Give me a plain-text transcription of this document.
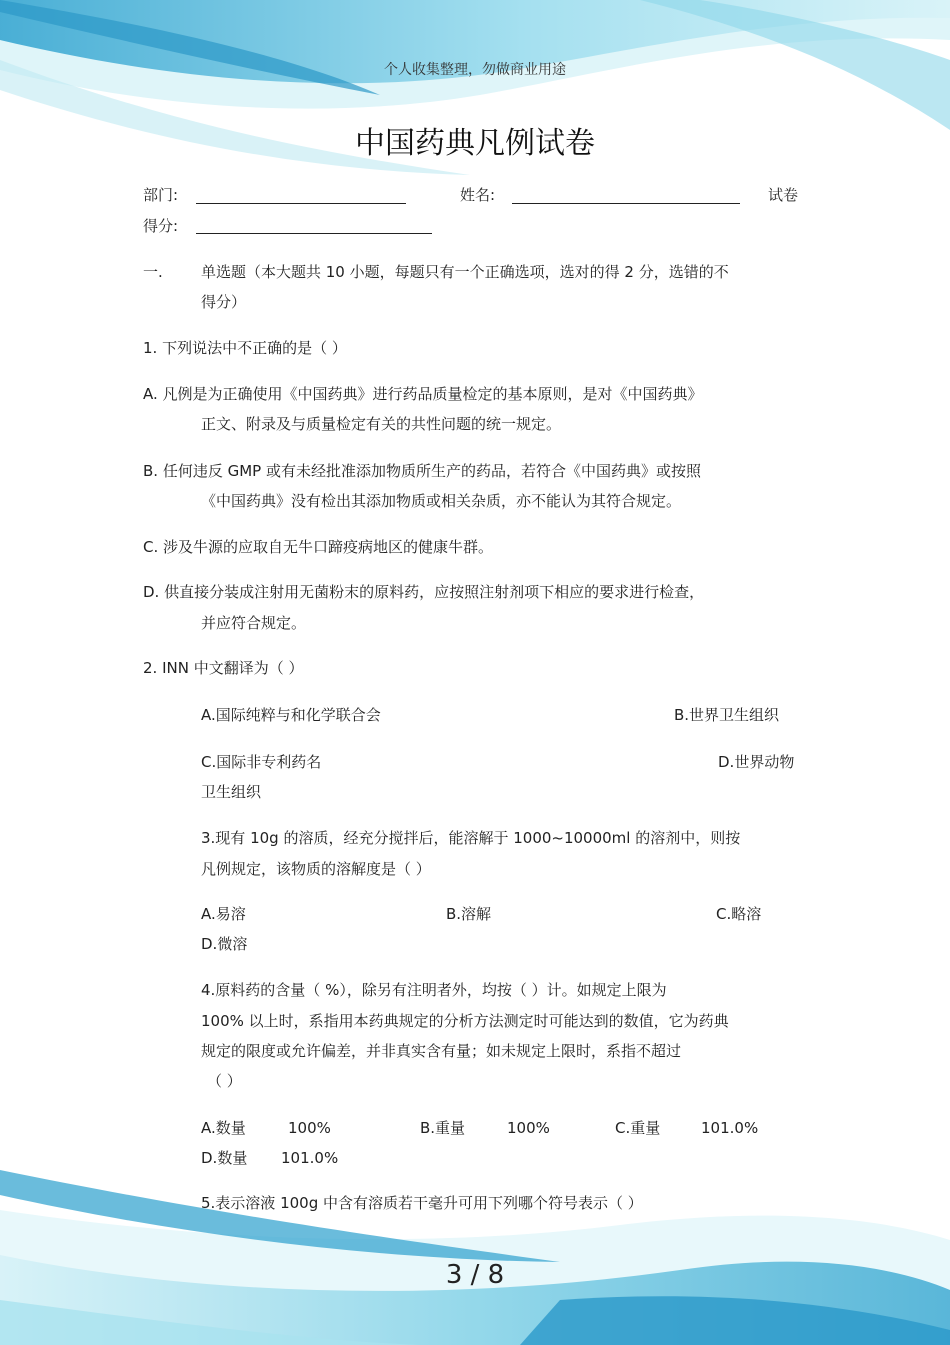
个人收集整理，勿做商业用途
中国药典凡例试卷
部门:	姓名:	试卷
得分:
一.	单选题（本大题共 10 小题，每题只有一个正确选项，选对的得 2 分，选错的不
得分）
1. 下列说法中不正确的是（ ）
A. 凡例是为正确使用《中国药典》进行药品质量检定的基本原则，是对《中国药典》
正文、附录及与质量检定有关的共性问题的统一规定。
B. 任何违反 GMP 或有未经批准添加物质所生产的药品，若符合《中国药典》或按照
《中国药典》没有检出其添加物质或相关杂质，亦不能认为其符合规定。
C. 涉及牛源的应取自无牛口蹄疫病地区的健康牛群。
D. 供直接分装成注射用无菌粉末的原料药，应按照注射剂项下相应的要求进行检查，
并应符合规定。
2. INN 中文翻译为（ ）
A.国际纯粹与和化学联合会	B.世界卫生组织
C.国际非专利药名	D.世界动物
卫生组织
3.现有 10g 的溶质，经充分搅拌后，能溶解于 1000~10000ml 的溶剂中，则按
凡例规定，该物质的溶解度是（ ）
A.易溶	B.溶解	C.略溶
D.微溶
4.原料药的含量（ %），除另有注明者外，均按（ ）计。如规定上限为
100% 以上时，系指用本药典规定的分析方法测定时可能达到的数值，它为药典
规定的限度或允许偏差，并非真实含有量；如未规定上限时，系指不超过
（ ）
A.数量	100%	B.重量	100%	C.重量	101.0%
D.数量 101.0%
5.表示溶液 100g 中含有溶质若干毫升可用下列哪个符号表示（ ）
3 / 8
